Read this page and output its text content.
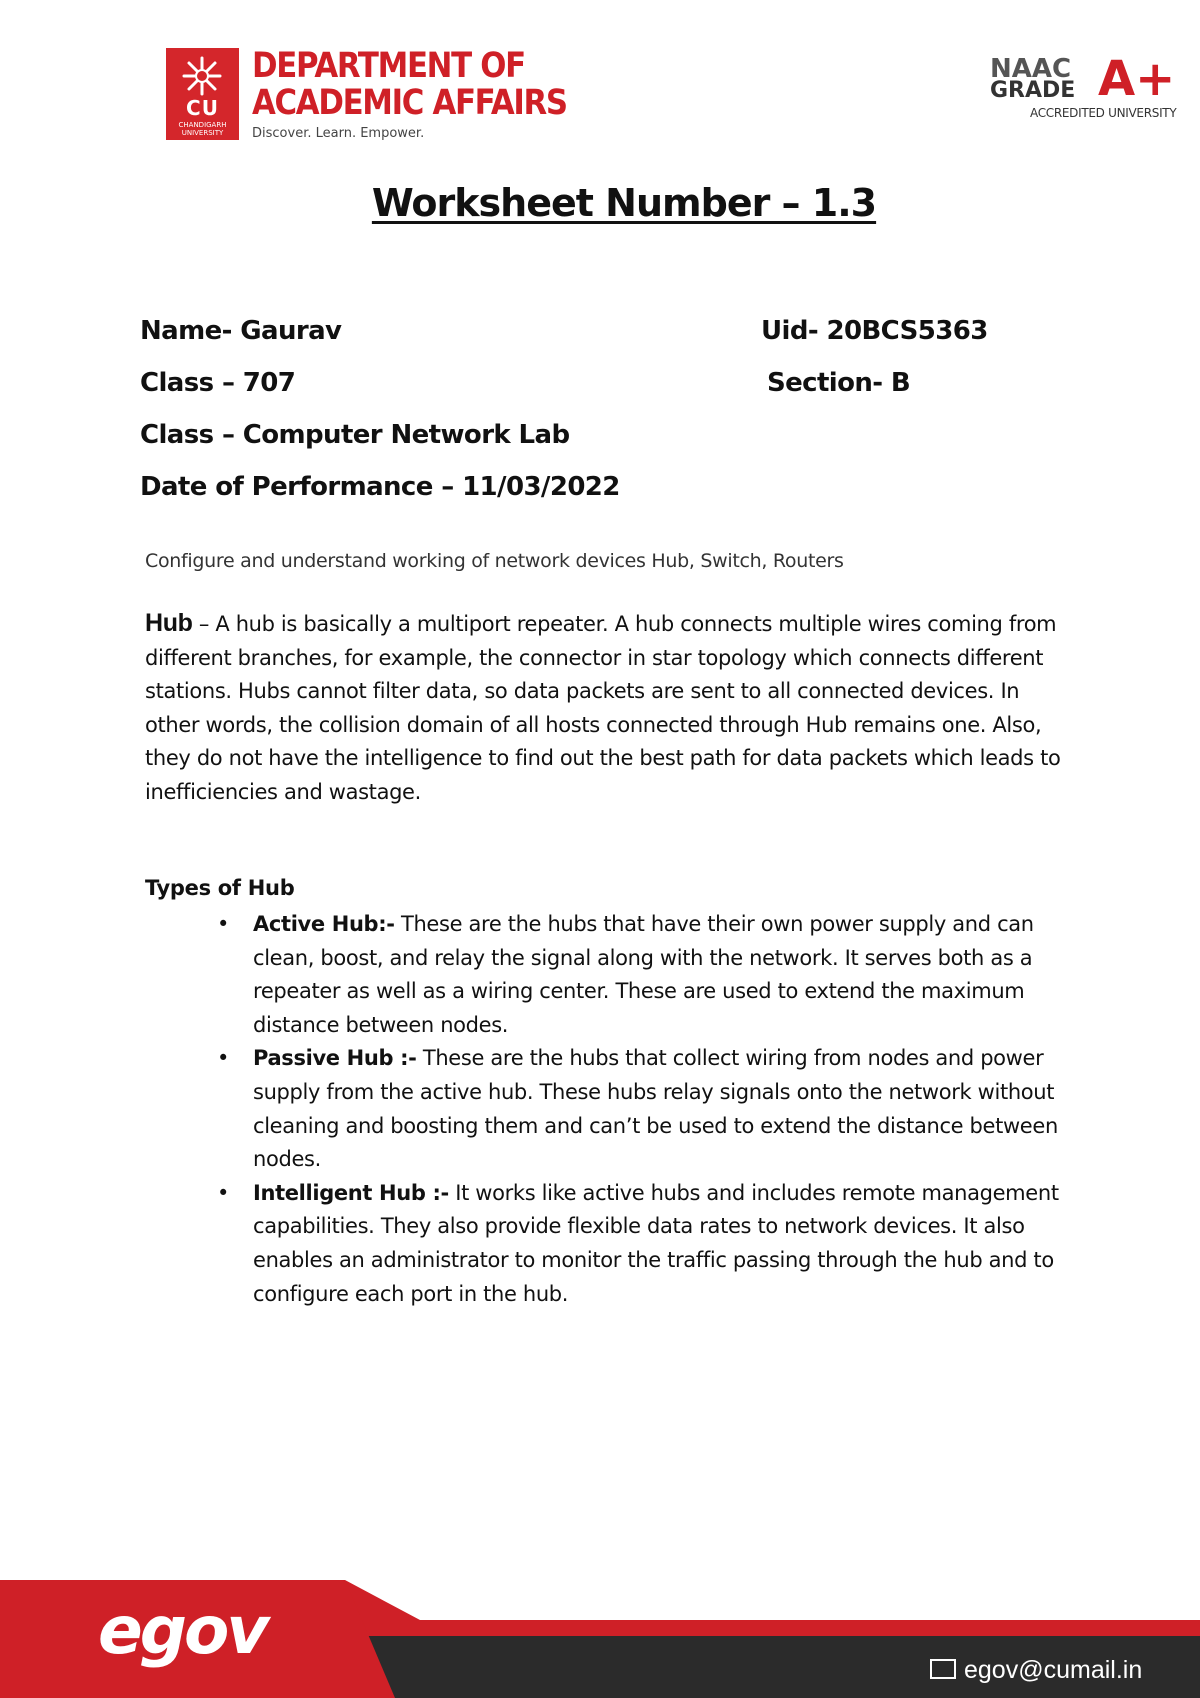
CU
CHANDIGARH UNIVERSITY
DEPARTMENT OF
ACADEMIC AFFAIRS
Discover. Learn. Empower.
NAAC
GRADE A+
ACCREDITED UNIVERSITY
Worksheet Number – 1.3
Name- Gaurav	Uid- 20BCS5363
Class – 707	Section- B
Class – Computer Network Lab
Date of Performance – 11/03/2022
Configure and understand working of network devices Hub, Switch, Routers
Hub – A hub is basically a multiport repeater. A hub connects multiple wires coming from different branches, for example, the connector in star topology which connects different stations. Hubs cannot filter data, so data packets are sent to all connected devices. In other words, the collision domain of all hosts connected through Hub remains one. Also, they do not have the intelligence to find out the best path for data packets which leads to inefficiencies and wastage.
Types of Hub
• Active Hub:- These are the hubs that have their own power supply and can clean, boost, and relay the signal along with the network. It serves both as a repeater as well as a wiring center. These are used to extend the maximum distance between nodes.
• Passive Hub :- These are the hubs that collect wiring from nodes and power supply from the active hub. These hubs relay signals onto the network without cleaning and boosting them and can’t be used to extend the distance between nodes.
• Intelligent Hub :- It works like active hubs and includes remote management capabilities. They also provide flexible data rates to network devices. It also enables an administrator to monitor the traffic passing through the hub and to configure each port in the hub.
egov
egov@cumail.in
